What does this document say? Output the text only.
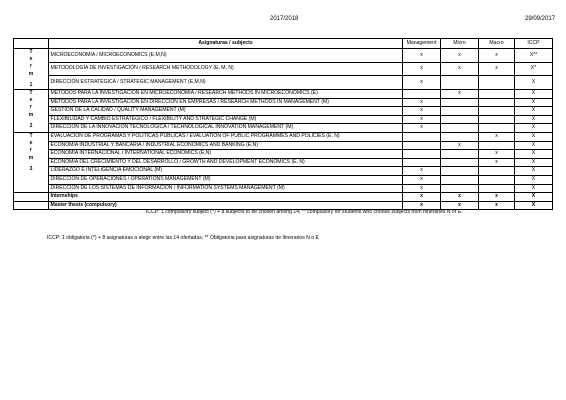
2017/2018	29/09/2017
	Asignaturas / subjects	Management	Micro	Macro	ICCP

T
e
r
m
1	MICROECONOMÍA / MICROECONOMICS (E,M,N)	x	x	x	X**
	METODOLOGÍA DE INVESTIGACIÓN / RESEARCH METHODOLOGY (E, M, N)	x	x	x	X*
	DIRECCIÓN ESTRATÉGICA / STRATEGIC MANAGEMENT (E,M,N)	x			X

T
e
r
m
2	MÉTODOS PARA LA INVESTIGACIÓN EN MICROECONOMÍA / RESEARCH METHODS IN MICROECONOMICS (E)		x		X
	MÉTODOS PARA LA INVESTIGACIÓN EN DIRECCIÓN EN EMPRESAS / RESEARCH METHODS IN MANAGEMENT (M)	x			X
	GESTIÓN DE LA CALIDAD / QUALITY MANAGEMENT (M)	x			X
	FLEXIBILIDAD Y CAMBIO ESTRATÉGICO / FLEXIBILITY AND STRATEGIC CHANGE (M)	x			X
	DIRECCIÓN DE LA INNOVACIÓN TECNOLÓGICA / TECHNOLOGICAL INNOVATION MANAGEMENT (M)	x			X

T
e
r
m
3	EVALUACIÓN DE PROGRAMAS Y POLÍTICAS PÚBLICAS / EVALUATION OF PUBLIC PROGRAMMES AND POLICIES (E, N)			x	X
	ECONOMÍA INDUSTRIAL Y BANCARIA / INDUSTRIAL ECONOMICS AND BANKING (E,N)		x		X
	ECONOMÍA INTERNACIONAL / INTERNATIONAL ECONOMICS (E,N)			x	X
	ECONOMÍA DEL CRECIMIENTO Y DEL DESARROLLO / GROWTH AND DEVELOPMENT ECONOMICS (E, N)			x	X
	LIDERAZGO E INTELIGENCIA EMOCIONAL (M)	x			X
	DIRECCIÓN DE OPERACIONES / OPERATIONS MANAGEMENT (M)	x			X
	DIRECCIÓN DE LOS SISTEMAS DE INFORMACIÓN / INFORMATION SYSTEMS MANAGEMENT (M)	x			X
	Internships	x	x	x	X
	Master thesis (compulsory)	x	x	x	X
ICCP: 1 compulsory subject (*) + 8 subjects to be chosen among 14; ** compulsory for students who choose subjects from Itineraries N or E.
ICCP: 1 obligatoria (*) + 8 asignaturas a elegir entre las 14 ofertadas; ** Obligatoria para asignaturas de Itinerarios N o E
